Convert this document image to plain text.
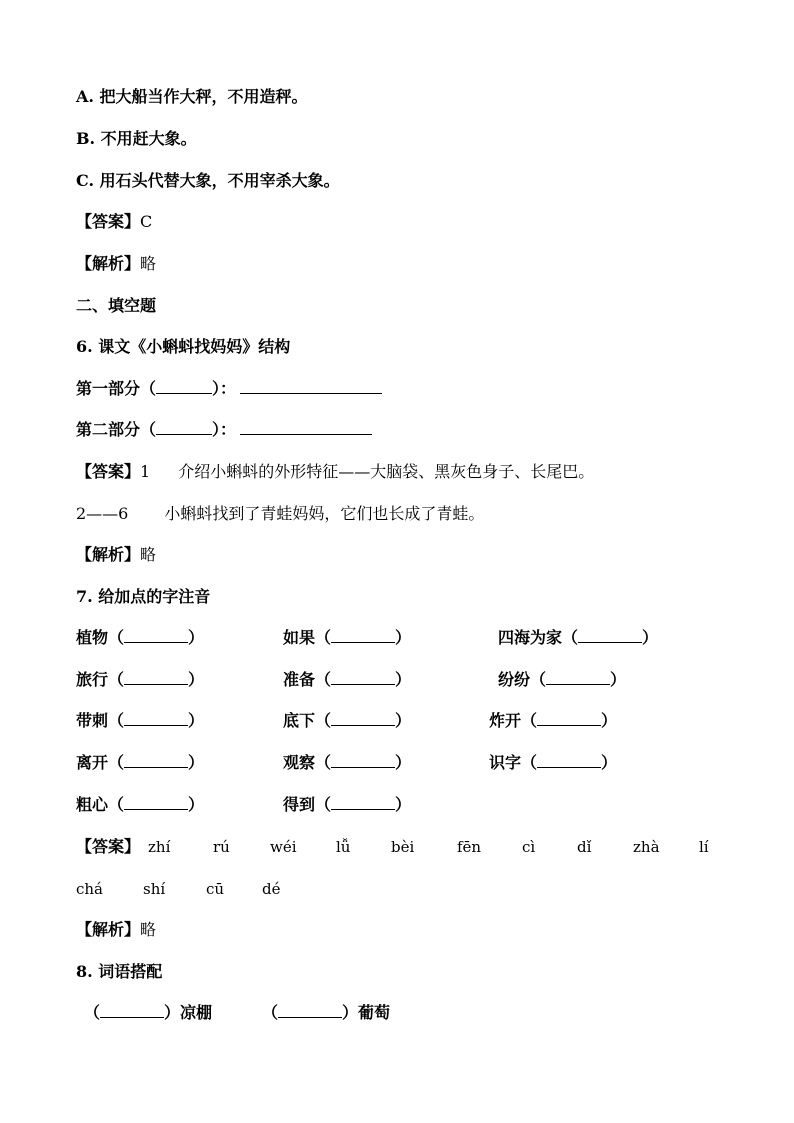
A. 把大船当作大秤，不用造秤。
B. 不用赶大象。
C. 用石头代替大象，不用宰杀大象。
【答案】C
【解析】略
二、填空题
6. 课文《小蝌蚪找妈妈》结构
第一部分（	）：
第二部分（	）：
【答案】1 介绍小蝌蚪的外形特征——大脑袋、黑灰色身子、长尾巴。
2——6 小蝌蚪找到了青蛙妈妈，它们也长成了青蛙。
【解析】略
7. 给加点的字注音
植物（	）	如果（	）	四海为家（	）
旅行（	）	准备（	）	纷纷（	）
带刺（	）	底下（	）	炸开（	）
离开（	）	观察（	）	识字（	）
粗心（	）	得到（	）
【答案】 zhí	rú	wéi	lǚ	bèi	fēn	cì	dǐ	zhà	lí
chá	shí	cū	dé
【解析】略
8. 词语搭配
（	）凉棚	（	）葡萄
